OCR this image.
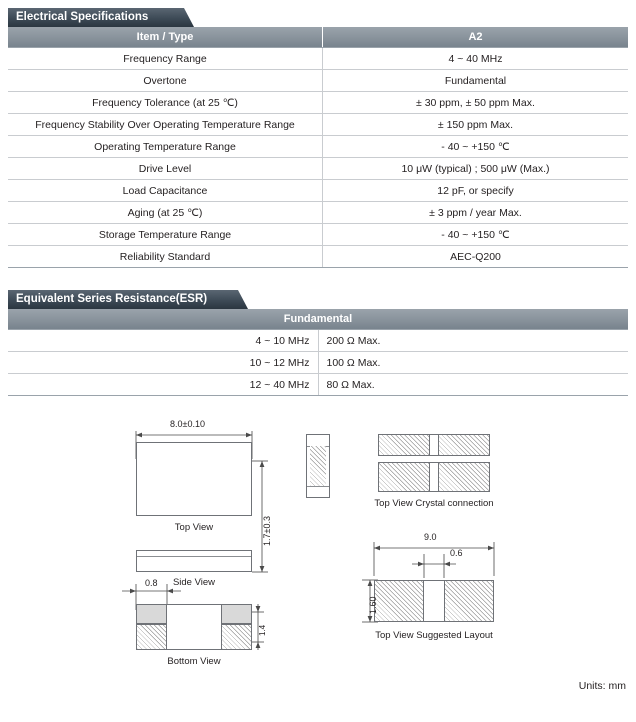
Electrical Specifications
Item / Type	A2
Frequency Range	4 ~ 40 MHz
Overtone	Fundamental
Frequency Tolerance (at 25 ℃)	± 30 ppm, ± 50 ppm Max.
Frequency Stability Over Operating Temperature Range	± 150 ppm Max.
Operating Temperature Range	- 40 ~ +150 ℃
Drive Level	10 μW (typical) ; 500 μW (Max.)
Load Capacitance	12 pF, or specify
Aging (at 25 ℃)	± 3 ppm / year Max.
Storage Temperature Range	- 40 ~ +150 ℃
Reliability Standard	AEC-Q200
Equivalent Series Resistance(ESR)
Fundamental	
4 ~ 10 MHz	200 Ω Max.
10 ~ 12 MHz	100 Ω Max.
12 ~ 40 MHz	80 Ω Max.
8.0±0.10
Top View	1.7±0.3
Side View
0.8
1.4
Bottom View
Top View Crystal connection
9.0
0.6
1.60
Top View Suggested Layout
Units: mm
